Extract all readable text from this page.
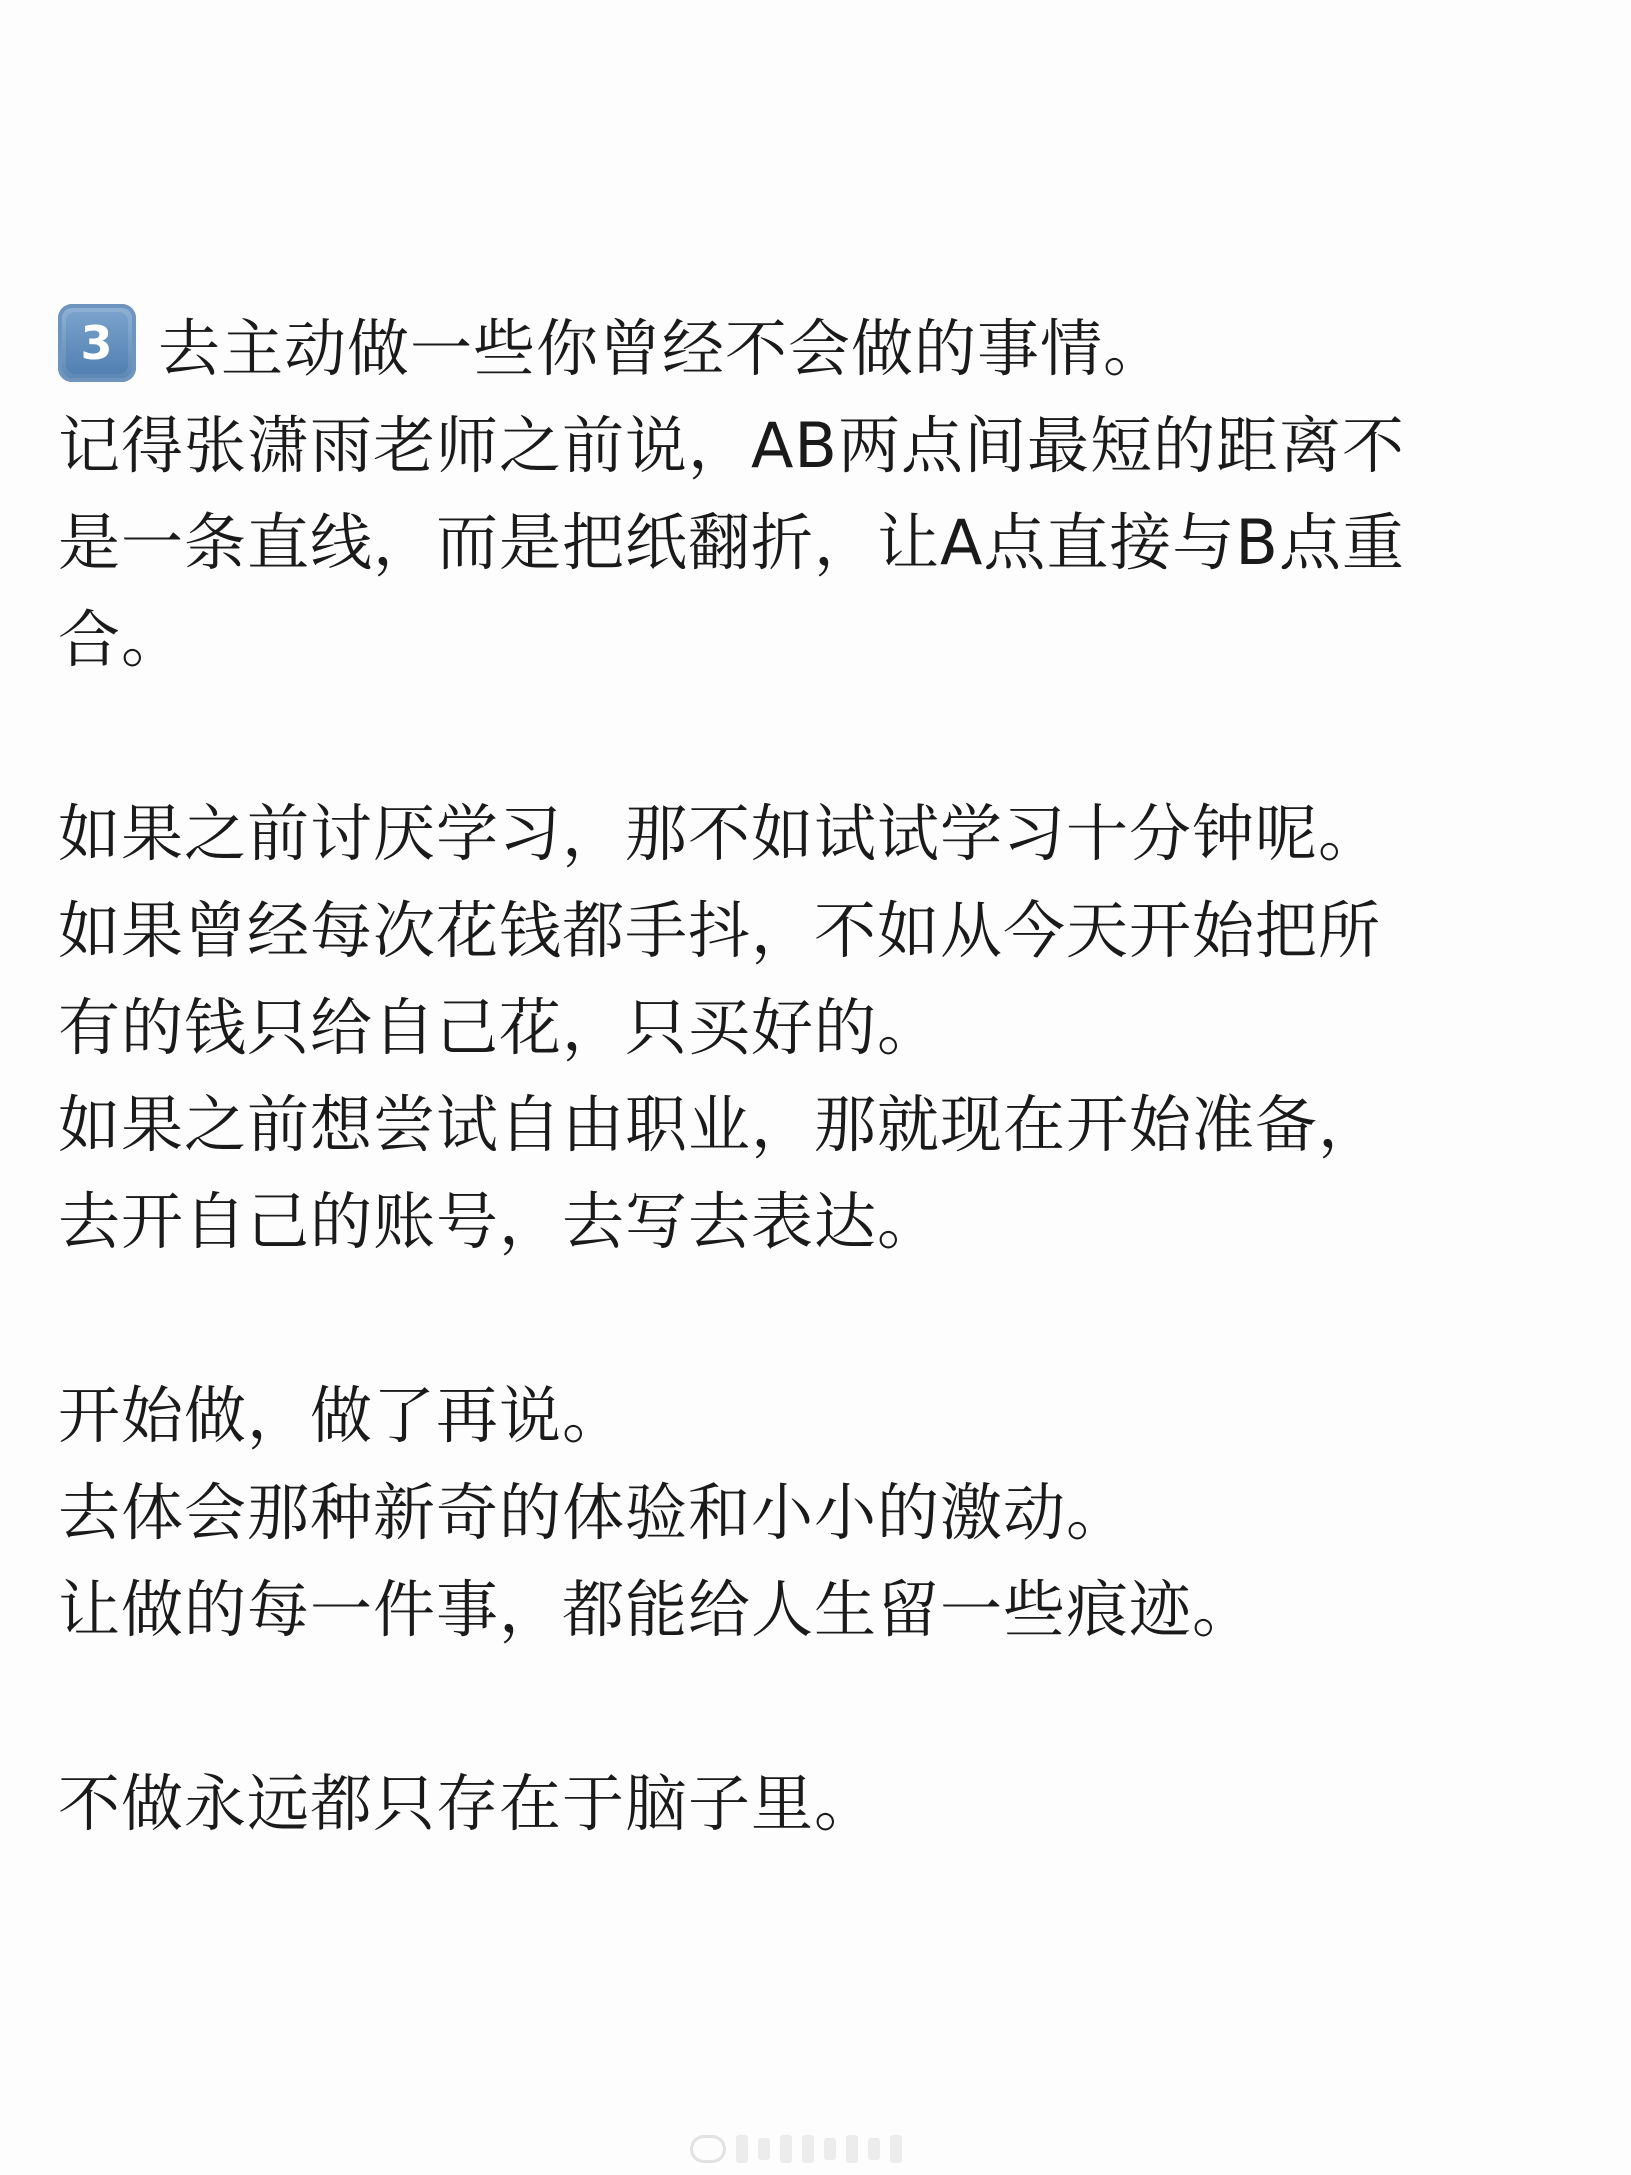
3 去主动做一些你曾经不会做的事情。
记得张潇雨老师之前说，AB两点间最短的距离不
是一条直线，而是把纸翻折，让A点直接与B点重
合。
如果之前讨厌学习，那不如试试学习十分钟呢。
如果曾经每次花钱都手抖，不如从今天开始把所
有的钱只给自己花，只买好的。
如果之前想尝试自由职业，那就现在开始准备，
去开自己的账号，去写去表达。
开始做，做了再说。
去体会那种新奇的体验和小小的激动。
让做的每一件事，都能给人生留一些痕迹。
不做永远都只存在于脑子里。
